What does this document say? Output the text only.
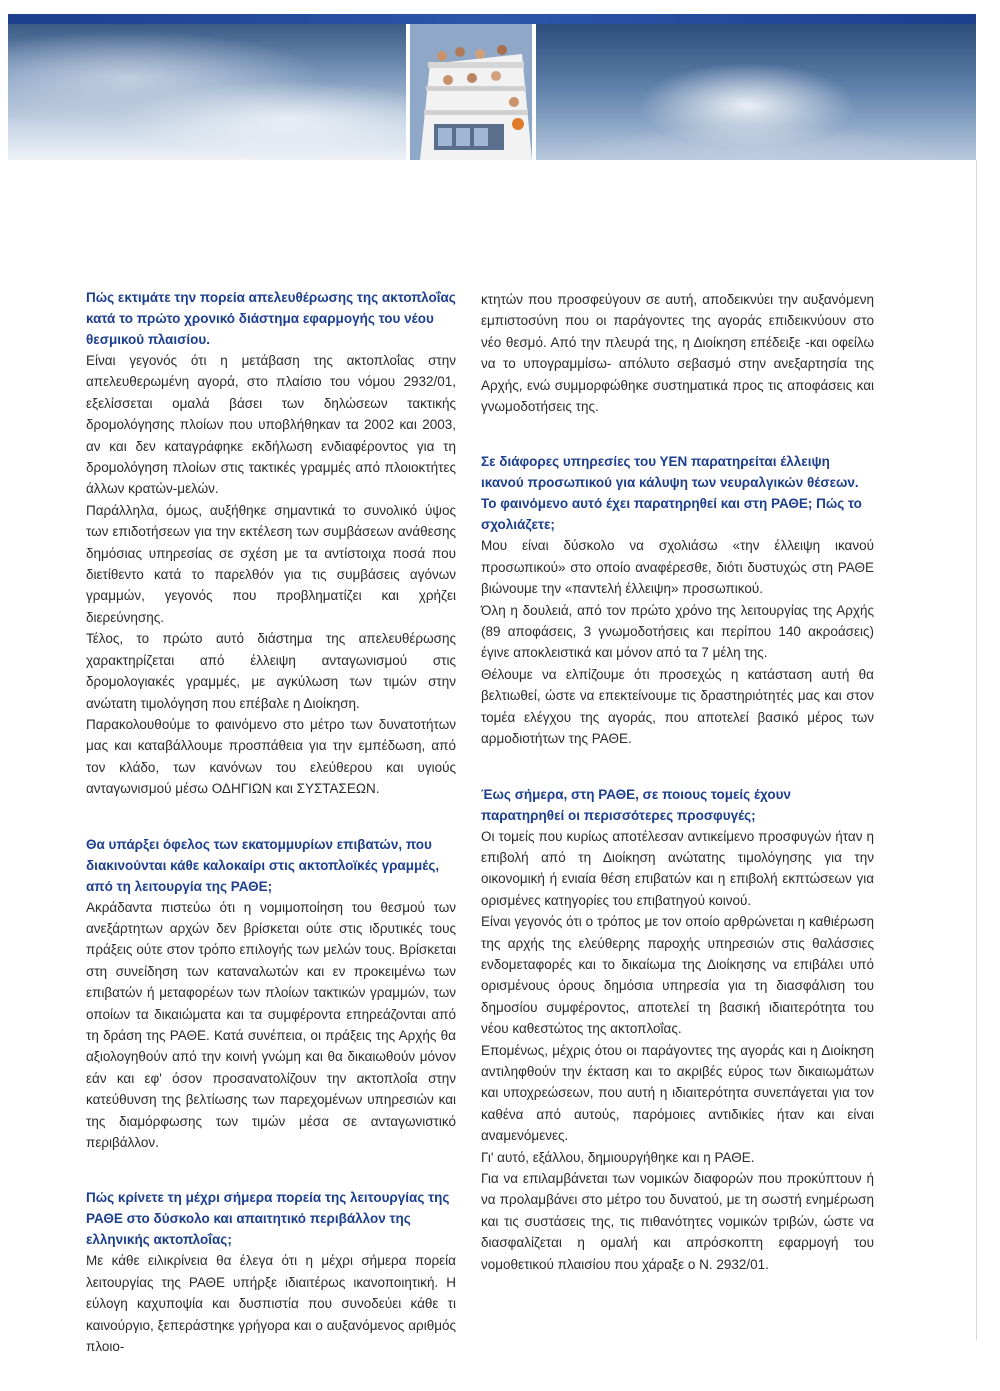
Πώς εκτιμάτε την πορεία απελευθέρωσης της ακτοπλοΐας κατά το πρώτο χρονικό διάστημα εφαρμογής του νέου θεσμικού πλαισίου.

Είναι γεγονός ότι η μετάβαση της ακτοπλοΐας στην απελευθερωμένη αγορά, στο πλαίσιο του νόμου 2932/01, εξελίσσεται ομαλά βάσει των δηλώσεων τακτικής δρομολόγησης πλοίων που υποβλήθηκαν τα 2002 και 2003, αν και δεν καταγράφηκε εκδήλωση ενδιαφέροντος για τη δρομολόγηση πλοίων στις τακτικές γραμμές από πλοιοκτήτες άλλων κρατών-μελών.

Παράλληλα, όμως, αυξήθηκε σημαντικά το συνολικό ύψος των επιδοτήσεων για την εκτέλεση των συμβάσεων ανάθεσης δημόσιας υπηρεσίας σε σχέση με τα αντίστοιχα ποσά που διετίθεντο κατά το παρελθόν για τις συμβάσεις αγόνων γραμμών, γεγονός που προβληματίζει και χρήζει διερεύνησης.

Τέλος, το πρώτο αυτό διάστημα της απελευθέρωσης χαρακτηρίζεται από έλλειψη ανταγωνισμού στις δρομολογιακές γραμμές, με αγκύλωση των τιμών στην ανώτατη τιμολόγηση που επέβαλε η Διοίκηση.

Παρακολουθούμε το φαινόμενο στο μέτρο των δυνατοτήτων μας και καταβάλλουμε προσπάθεια για την εμπέδωση, από τον κλάδο, των κανόνων του ελεύθερου και υγιούς ανταγωνισμού μέσω ΟΔΗΓΙΩΝ και ΣΥΣΤΑΣΕΩΝ.

Θα υπάρξει όφελος των εκατομμυρίων επιβατών, που διακινούνται κάθε καλοκαίρι στις ακτοπλοϊκές γραμμές, από τη λειτουργία της ΡΑΘΕ;

Ακράδαντα πιστεύω ότι η νομιμοποίηση του θεσμού των ανεξάρτητων αρχών δεν βρίσκεται ούτε στις ιδρυτικές τους πράξεις ούτε στον τρόπο επιλογής των μελών τους. Βρίσκεται στη συνείδηση των καταναλωτών και εν προκειμένω των επιβατών ή μεταφορέων των πλοίων τακτικών γραμμών, των οποίων τα δικαιώματα και τα συμφέροντα επηρεάζονται από τη δράση της ΡΑΘΕ. Κατά συνέπεια, οι πράξεις της Αρχής θα αξιολογηθούν από την κοινή γνώμη και θα δικαιωθούν μόνον εάν και εφ' όσον προσανατολίζουν την ακτοπλοΐα στην κατεύθυνση της βελτίωσης των παρεχομένων υπηρεσιών και της διαμόρφωσης των τιμών μέσα σε ανταγωνιστικό περιβάλλον.

Πώς κρίνετε τη μέχρι σήμερα πορεία της λειτουργίας της ΡΑΘΕ στο δύσκολο και απαιτητικό περιβάλλον της ελληνικής ακτοπλοΐας;

Με κάθε ειλικρίνεια θα έλεγα ότι η μέχρι σήμερα πορεία λειτουργίας της ΡΑΘΕ υπήρξε ιδιαιτέρως ικανοποιητική. Η εύλογη καχυποψία και δυσπιστία που συνοδεύει κάθε τι καινούργιο, ξεπεράστηκε γρήγορα και ο αυξανόμενος αριθμός πλοιο-

κτητών που προσφεύγουν σε αυτή, αποδεικνύει την αυξανόμενη εμπιστοσύνη που οι παράγοντες της αγοράς επιδεικνύουν στο νέο θεσμό. Από την πλευρά της, η Διοίκηση επέδειξε -και οφείλω να το υπογραμμίσω- απόλυτο σεβασμό στην ανεξαρτησία της Αρχής, ενώ συμμορφώθηκε συστηματικά προς τις αποφάσεις και γνωμοδοτήσεις της.

Σε διάφορες υπηρεσίες του ΥΕΝ παρατηρείται έλλειψη ικανού προσωπικού για κάλυψη των νευραλγικών θέσεων. Το φαινόμενο αυτό έχει παρατηρηθεί και στη ΡΑΘΕ; Πώς το σχολιάζετε;

Μου είναι δύσκολο να σχολιάσω «την έλλειψη ικανού προσωπικού» στο οποίο αναφέρεσθε, διότι δυστυχώς στη ΡΑΘΕ βιώνουμε την «παντελή έλλειψη» προσωπικού.

Όλη η δουλειά, από τον πρώτο χρόνο της λειτουργίας της Αρχής (89 αποφάσεις, 3 γνωμοδοτήσεις και περίπου 140 ακροάσεις) έγινε αποκλειστικά και μόνον από τα 7 μέλη της.

Θέλουμε να ελπίζουμε ότι προσεχώς η κατάσταση αυτή θα βελτιωθεί, ώστε να επεκτείνουμε τις δραστηριότητές μας και στον τομέα ελέγχου της αγοράς, που αποτελεί βασικό μέρος των αρμοδιοτήτων της ΡΑΘΕ.

Έως σήμερα, στη ΡΑΘΕ, σε ποιους τομείς έχουν παρατηρηθεί οι περισσότερες προσφυγές;

Οι τομείς που κυρίως αποτέλεσαν αντικείμενο προσφυγών ήταν η επιβολή από τη Διοίκηση ανώτατης τιμολόγησης για την οικονομική ή ενιαία θέση επιβατών και η επιβολή εκπτώσεων για ορισμένες κατηγορίες του επιβατηγού κοινού.

Είναι γεγονός ότι ο τρόπος με τον οποίο αρθρώνεται η καθιέρωση της αρχής της ελεύθερης παροχής υπηρεσιών στις θαλάσσιες ενδομεταφορές και το δικαίωμα της Διοίκησης να επιβάλει υπό ορισμένους όρους δημόσια υπηρεσία για τη διασφάλιση του δημοσίου συμφέροντος, αποτελεί τη βασική ιδιαιτερότητα του νέου καθεστώτος της ακτοπλοΐας.

Επομένως, μέχρις ότου οι παράγοντες της αγοράς και η Διοίκηση αντιληφθούν την έκταση και το ακριβές εύρος των δικαιωμάτων και υποχρεώσεων, που αυτή η ιδιαιτερότητα συνεπάγεται για τον καθένα από αυτούς, παρόμοιες αντιδικίες ήταν και είναι αναμενόμενες.

Γι' αυτό, εξάλλου, δημιουργήθηκε και η ΡΑΘΕ.

Για να επιλαμβάνεται των νομικών διαφορών που προκύπτουν ή να προλαμβάνει στο μέτρο του δυνατού, με τη σωστή ενημέρωση και τις συστάσεις της, τις πιθανότητες νομικών τριβών, ώστε να διασφαλίζεται η ομαλή και απρόσκοπτη εφαρμογή του νομοθετικού πλαισίου που χάραξε ο Ν. 2932/01.
